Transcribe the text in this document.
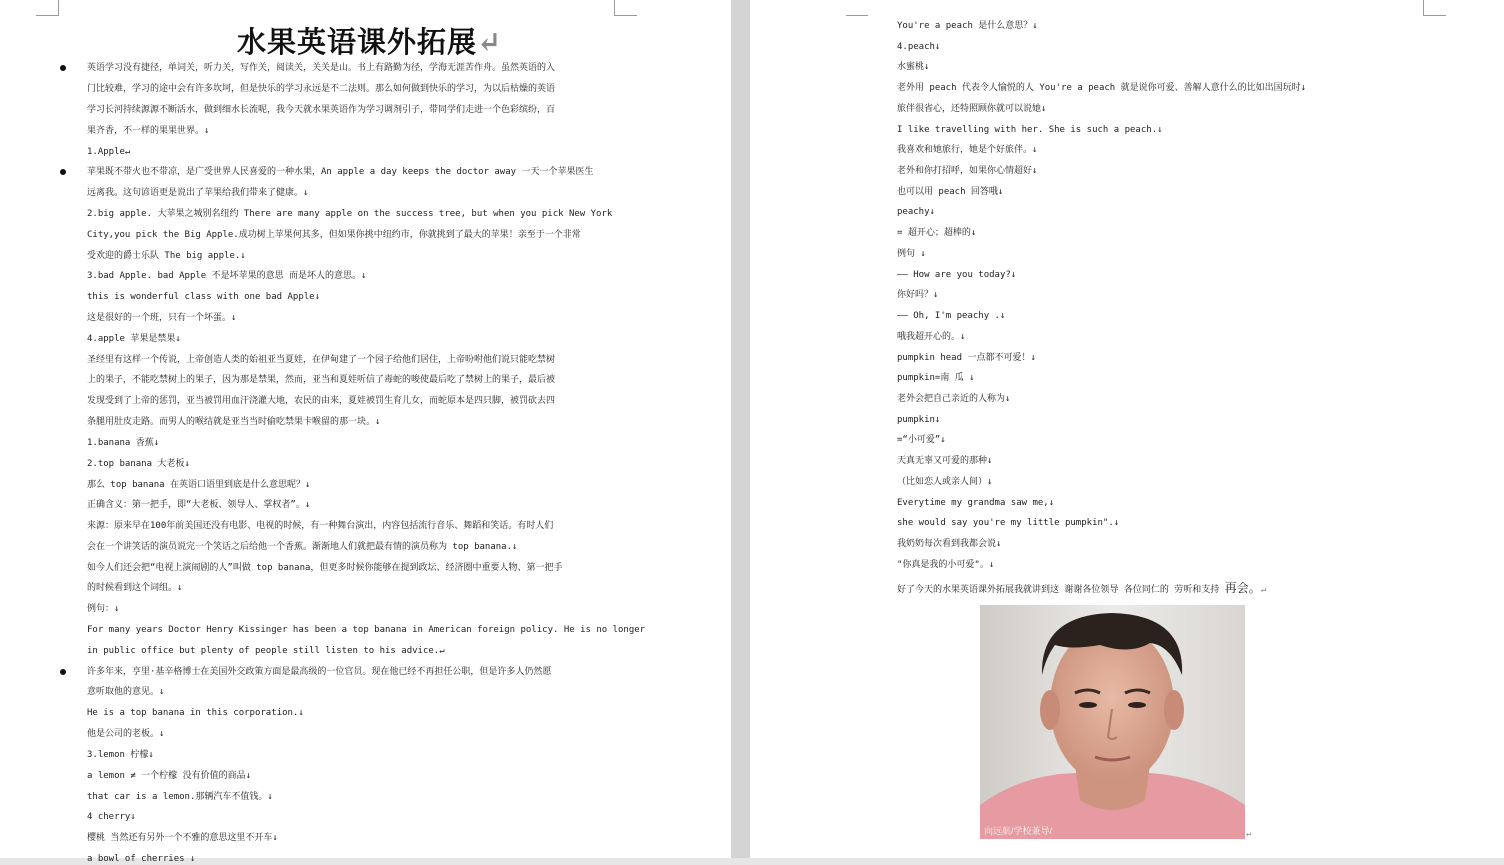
水果英语课外拓展↵
英语学习没有捷径，单词关，听力关，写作关，阅读关，关关是山。书上有路勤为径，学海无涯苦作舟。虽然英语的入
门比较难，学习的途中会有许多坎坷，但是快乐的学习永远是不二法则。那么如何做到快乐的学习，为以后枯燥的英语
学习长河持续源源不断活水，做到细水长流呢，我今天就水果英语作为学习调剂引子，带同学们走进一个色彩缤纷，百
果齐香，不一样的果果世界。↓
1.Apple↵
苹果既不带火也不带凉，是广受世界人民喜爱的一种水果，An apple a day keeps the doctor away 一天一个苹果医生
远离我。这句谚语更是说出了苹果给我们带来了健康。↓
2.big apple. 大苹果之城别名纽约 There are many apple on the success tree, but when you pick New York
City,you pick the Big Apple.成功树上苹果何其多，但如果你挑中纽约市，你就挑到了最大的苹果！亲至于一个非常
受欢迎的爵士乐队 The big apple.↓
3.bad Apple. bad Apple 不是坏苹果的意思 而是坏人的意思。↓
this is wonderful class with one bad Apple↓
这是很好的一个班，只有一个坏蛋。↓
4.apple 苹果是禁果↓
圣经里有这样一个传说，上帝创造人类的始祖亚当夏娃，在伊甸建了一个园子给他们居住，上帝吩咐他们说只能吃禁树
上的果子，不能吃禁树上的果子，因为那是禁果，然而，亚当和夏娃听信了毒蛇的唆使最后吃了禁树上的果子，最后被
发现受到了上帝的惩罚，亚当被罚用血汗浇灌大地，农民的由来，夏娃被罚生育儿女，而蛇原本是四只脚，被罚砍去四
条腿用肚皮走路。而男人的喉结就是亚当当时偷吃禁果卡喉留的那一块。↓
1.banana 香蕉↓
2.top banana 大老板↓
那么 top banana 在英语口语里到底是什么意思呢？↓
正确含义：第一把手，即“大老板、领导人、掌权者”。↓
来源：原来早在100年前美国还没有电影、电视的时候，有一种舞台演出，内容包括流行音乐、舞蹈和笑话。有时人们
会在一个讲笑话的演员说完一个笑话之后给他一个香蕉。渐渐地人们就把最有情的演员称为 top banana.↓
如今人们还会把“电视上演闹剧的人”叫做 top banana，但更多时候你能够在提到政坛、经济圈中重要人物、第一把手
的时候看到这个词组。↓
例句：↓
For many years Doctor Henry Kissinger has been a top banana in American foreign policy. He is no longer
in public office but plenty of people still listen to his advice.↵
许多年来，亨里·基辛格博士在美国外交政策方面是最高级的一位官员。现在他已经不再担任公职，但是许多人仍然愿
意听取他的意见。↓
He is a top banana in this corporation.↓
他是公司的老板。↓
3.lemon 柠檬↓
a lemon ≠ 一个柠檬 没有价值的商品↓
that car is a lemon.那辆汽车不值钱。↓
4 cherry↓
樱桃 当然还有另外一个不雅的意思这里不开车↓
a bowl of cherries ↓
You're a peach 是什么意思？↓
4.peach↓
水蜜桃↓
老外用 peach 代表令人愉悦的人 You're a peach 就是说你可爱、善解人意什么的比如出国玩时↓
旅伴很省心，还特照顾你就可以说她↓
I like travelling with her. She is such a peach.↓
我喜欢和她旅行，她是个好旅伴。↓
老外和你打招呼，如果你心情超好↓
也可以用 peach 回答哦↓
peachy↓
= 超开心；超棒的↓
例句 ↓
—— How are you today?↓
你好吗？↓
—— Oh, I'm peachy .↓
哦我超开心的。↓
pumpkin head 一点都不可爱！↓
pumpkin=南 瓜 ↓
老外会把自己亲近的人称为↓
pumpkin↓
=“小可爱”↓
天真无辜又可爱的那种↓
（比如恋人或亲人间）↓
Everytime my grandma saw me,↓
she would say you're my little pumpkin".↓
我奶奶每次看到我都会说↓
"你真是我的小可爱"。↓
好了今天的水果英语课外拓展我就讲到这 谢谢各位领导 各位同仁的 劳听和支持 再会。↵
向远航/学校兼导/	↵
